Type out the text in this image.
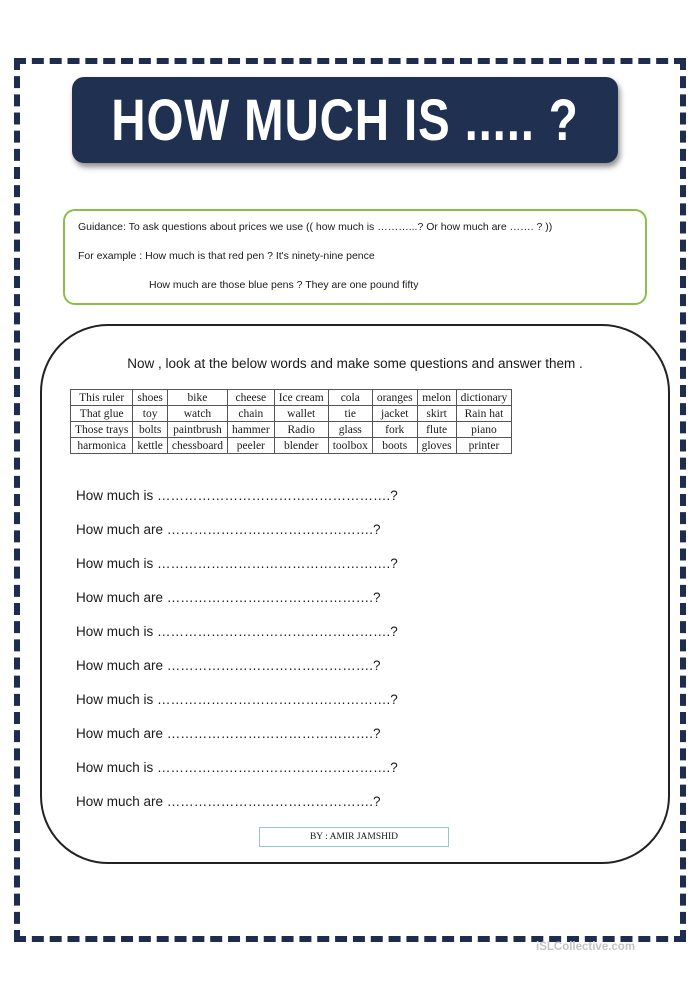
HOW MUCH IS ..... ?
Guidance: To ask questions about prices we use (( how much is ………...? Or how much are ……. ? ))
For example : How much is that red pen ? It's ninety-nine pence
How much are those blue pens ? They are one pound fifty
Now , look at the below words and make some questions and answer them .
This ruler	shoes	bike	cheese	Ice cream	cola	oranges	melon	dictionary
That glue	toy	watch	chain	wallet	tie	jacket	skirt	Rain hat
Those trays	bolts	paintbrush	hammer	Radio	glass	fork	flute	piano
harmonica	kettle	chessboard	peeler	blender	toolbox	boots	gloves	printer
How much is …………………………………………….?
How much are ……………………………………….?
How much is …………………………………………….?
How much are ……………………………………….?
How much is …………………………………………….?
How much are ……………………………………….?
How much is …………………………………………….?
How much are ……………………………………….?
How much is …………………………………………….?
How much are ……………………………………….?
BY : AMIR JAMSHID
iSLCollective.com
